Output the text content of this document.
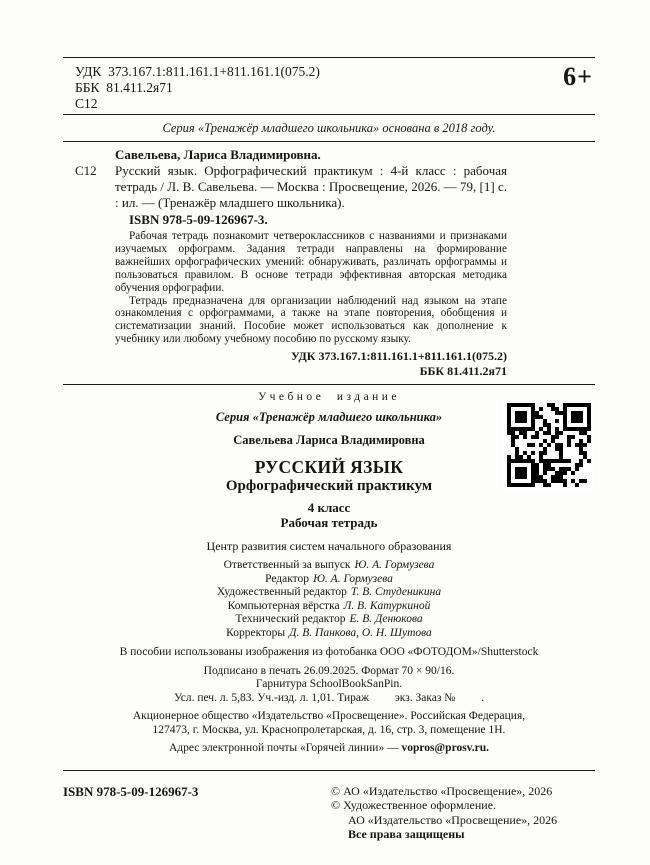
УДК  373.167.1:811.161.1+811.161.1(075.2)
ББК  81.411.2я71
С12
6+
Серия «Тренажёр младшего школьника» основана в 2018 году.
С12
Савельева, Лариса Владимировна.
Русский язык. Орфографический практикум : 4-й класс : рабочая тетрадь / Л. В. Савельева. — Москва : Просвещение, 2026. — 79, [1] с. : ил. — (Тренажёр младшего школьника).
ISBN 978-5-09-126967-3.
Рабочая тетрадь познакомит четвероклассников с названиями и признаками изучаемых орфограмм. Задания тетради направлены на формирование важнейших орфографических умений: обнаруживать, различать орфограммы и пользоваться правилом. В основе тетради эффективная авторская методика обучения орфографии.
Тетрадь предназначена для организации наблюдений над языком на этапе ознакомления с орфограммами, а также на этапе повторения, обобщения и систематизации знаний. Пособие может использоваться как дополнение к учебнику или любому учебному пособию по русскому языку.
УДК 373.167.1:811.161.1+811.161.1(075.2)
ББК 81.411.2я71
Учебное издание
Серия «Тренажёр младшего школьника»
Савельева Лариса Владимировна
РУССКИЙ ЯЗЫК
Орфографический практикум
4 класс
Рабочая тетрадь
Центр развития систем начального образования
Ответственный за выпуск Ю. А. Гормузева
Редактор Ю. А. Гормузева
Художественный редактор Т. В. Студеникина
Компьютерная вёрстка Л. В. Катуркиной
Технический редактор Е. В. Денюкова
Корректоры Д. В. Панкова, О. Н. Шутова
В пособии использованы изображения из фотобанка ООО «ФОТОДОМ»/Shutterstock
Подписано в печать 26.09.2025. Формат 70 × 90/16.
Гарнитура SchoolBookSanPin.
Усл. печ. л. 5,83. Уч.-изд. л. 1,01. Тираж         экз. Заказ №         .
Акционерное общество «Издательство «Просвещение». Российская Федерация,
127473, г. Москва, ул. Краснопролетарская, д. 16, стр. 3, помещение 1Н.
Адрес электронной почты «Горячей линии» — vopros@prosv.ru.
ISBN 978-5-09-126967-3	© АО «Издательство «Просвещение», 2026
© Художественное оформление.
АО «Издательство «Просвещение», 2026
Все права защищены
